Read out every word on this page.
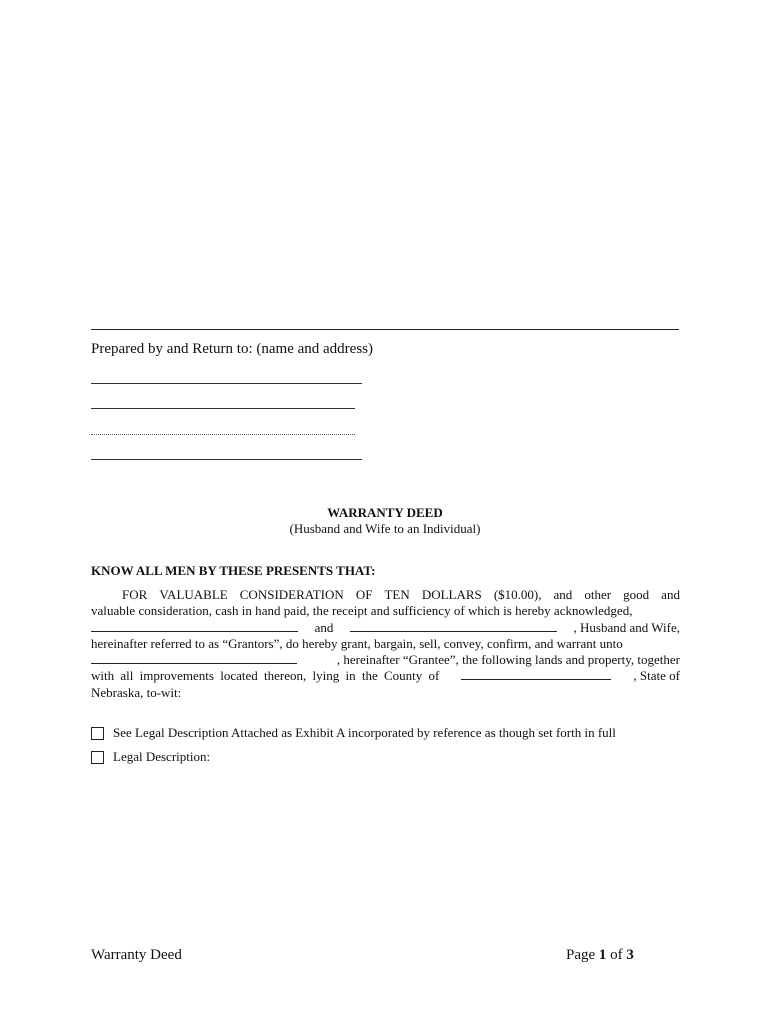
Prepared by and Return to: (name and address)
WARRANTY DEED
(Husband and Wife to an Individual)
KNOW ALL MEN BY THESE PRESENTS THAT:
FOR VALUABLE CONSIDERATION OF TEN DOLLARS ($10.00), and other good and
valuable consideration, cash in hand paid, the receipt and sufficiency of which is hereby acknowledged,
and	, Husband and Wife,
hereinafter referred to as “Grantors”, do hereby grant, bargain, sell, convey, confirm, and warrant unto
, hereinafter “Grantee”, the following lands and property, together
with all improvements located thereon, lying in the County of	, State of
Nebraska, to-wit:
See Legal Description Attached as Exhibit A incorporated by reference as though set forth in full
Legal Description:
Warranty Deed	Page 1 of 3
